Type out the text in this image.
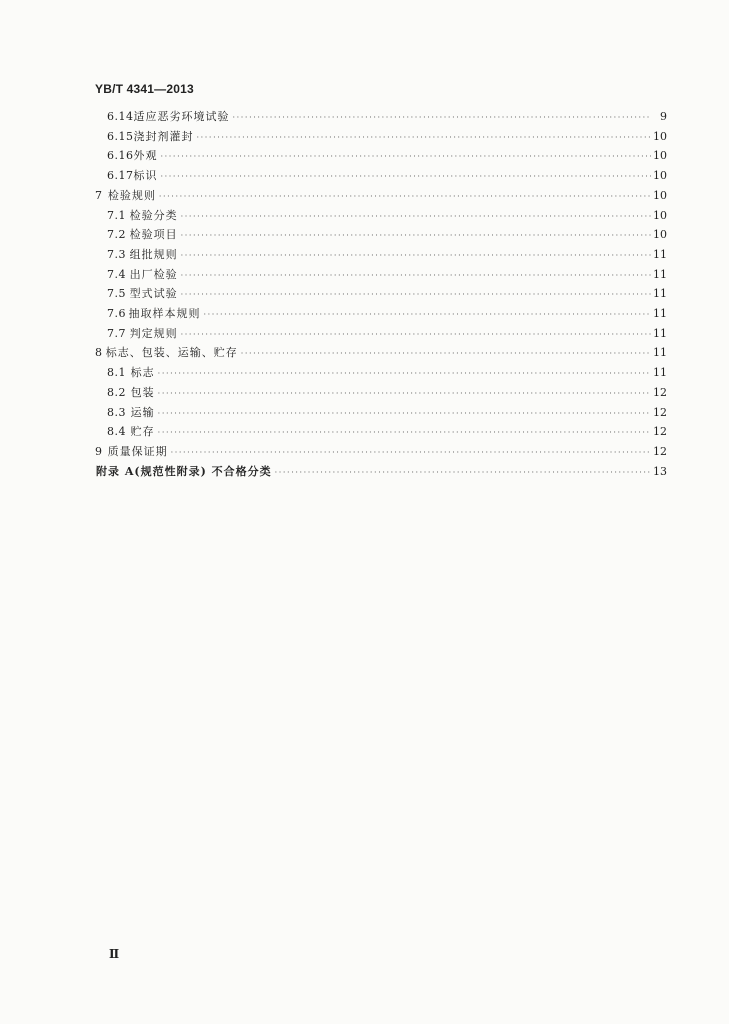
YB/T 4341—2013
6.14 适应恶劣环境试验 ·····	9
6.15 浇封剂灌封 ·····	10
6.16 外观 ·····	10
6.17 标识 ·····	10
7 检验规则 ·····	10
7.1 检验分类 ·····	10
7.2 检验项目 ·····	10
7.3 组批规则 ·····	11
7.4 出厂检验 ·····	11
7.5 型式试验 ·····	11
7.6 抽取样本规则 ·····	11
7.7 判定规则 ·····	11
8 标志、包装、运输、贮存 ·····	11
8.1 标志 ·····	11
8.2 包装 ·····	12
8.3 运输 ·····	12
8.4 贮存 ·····	12
9 质量保证期 ·····	12
附录 A (规范性附录) 不合格分类 ·····	13
Ⅱ
